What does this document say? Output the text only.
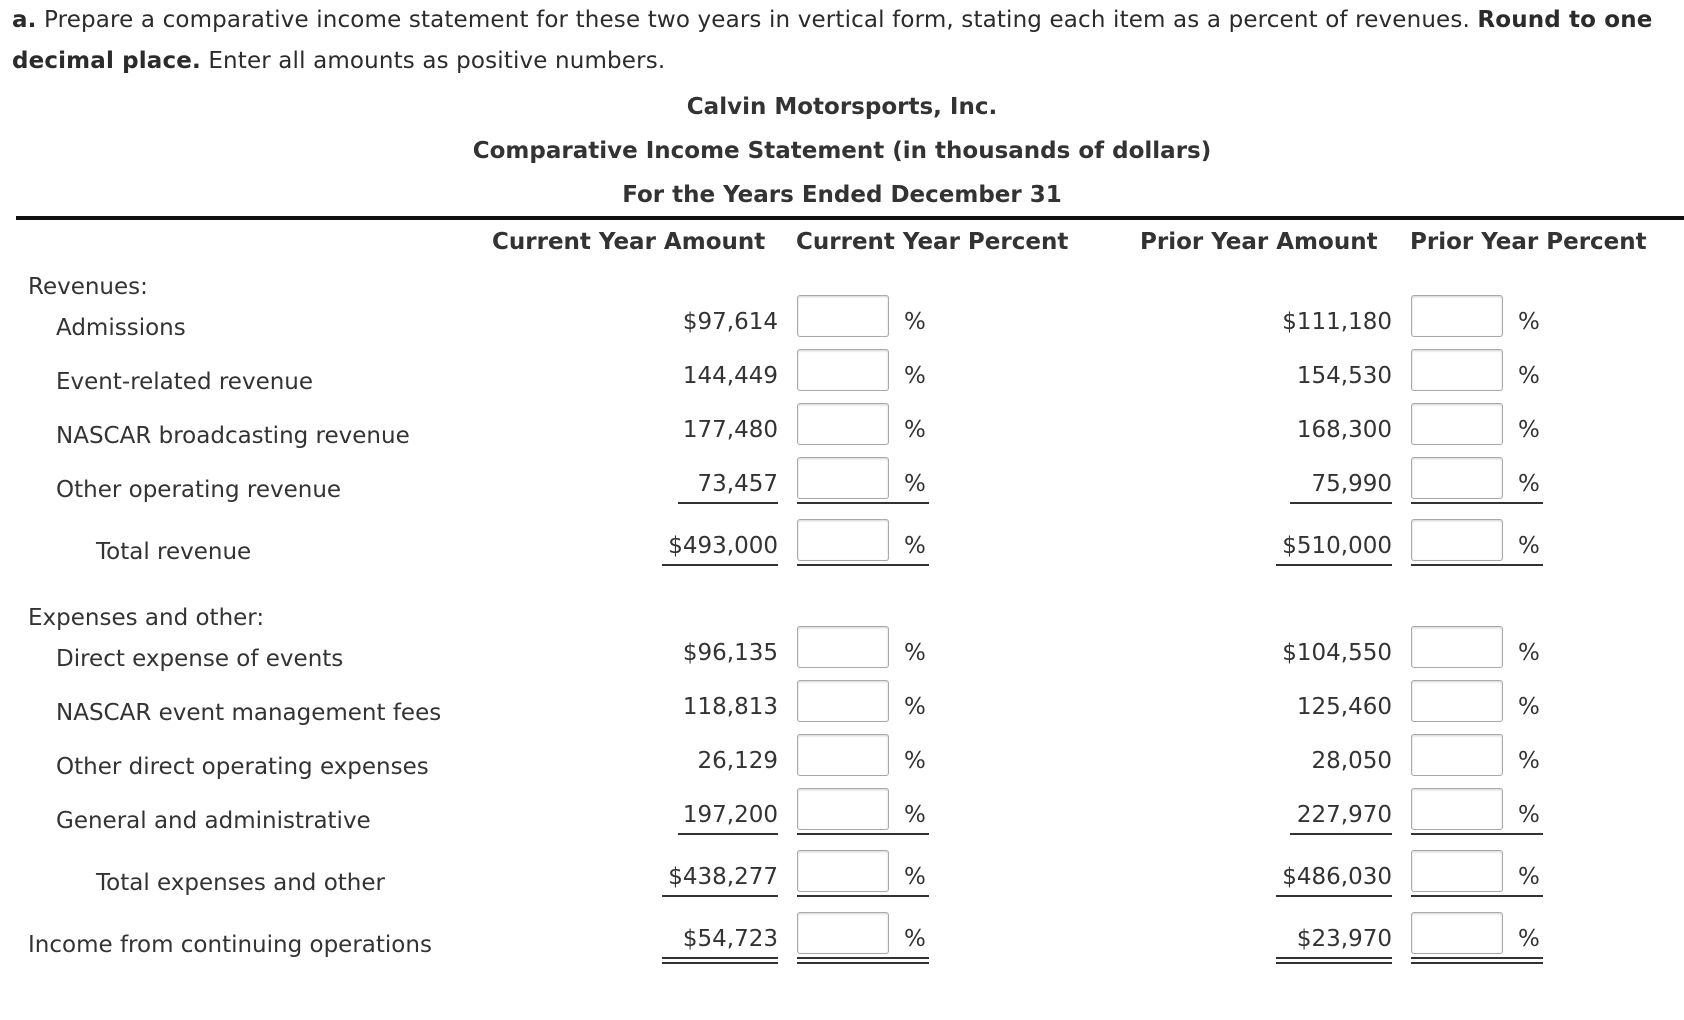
a. Prepare a comparative income statement for these two years in vertical form, stating each item as a percent of revenues. Round to one decimal place. Enter all amounts as positive numbers.
Calvin Motorsports, Inc.
Comparative Income Statement (in thousands of dollars)
For the Years Ended December 31
Current Year Amount Current Year Percent	Prior Year Amount Prior Year Percent
Revenues:
Expenses and other:
Admissions	$97,614	%	$111,180	%
Event-related revenue	144,449	%	154,530	%
NASCAR broadcasting revenue	177,480	%	168,300	%
Other operating revenue	73,457	%	75,990	%
Total revenue	$493,000	%	$510,000	%
Direct expense of events	$96,135	%	$104,550	%
NASCAR event management fees	118,813	%	125,460	%
Other direct operating expenses	26,129	%	28,050	%
General and administrative	197,200	%	227,970	%
Total expenses and other	$438,277	%	$486,030	%
Income from continuing operations	$54,723	%	$23,970	%
